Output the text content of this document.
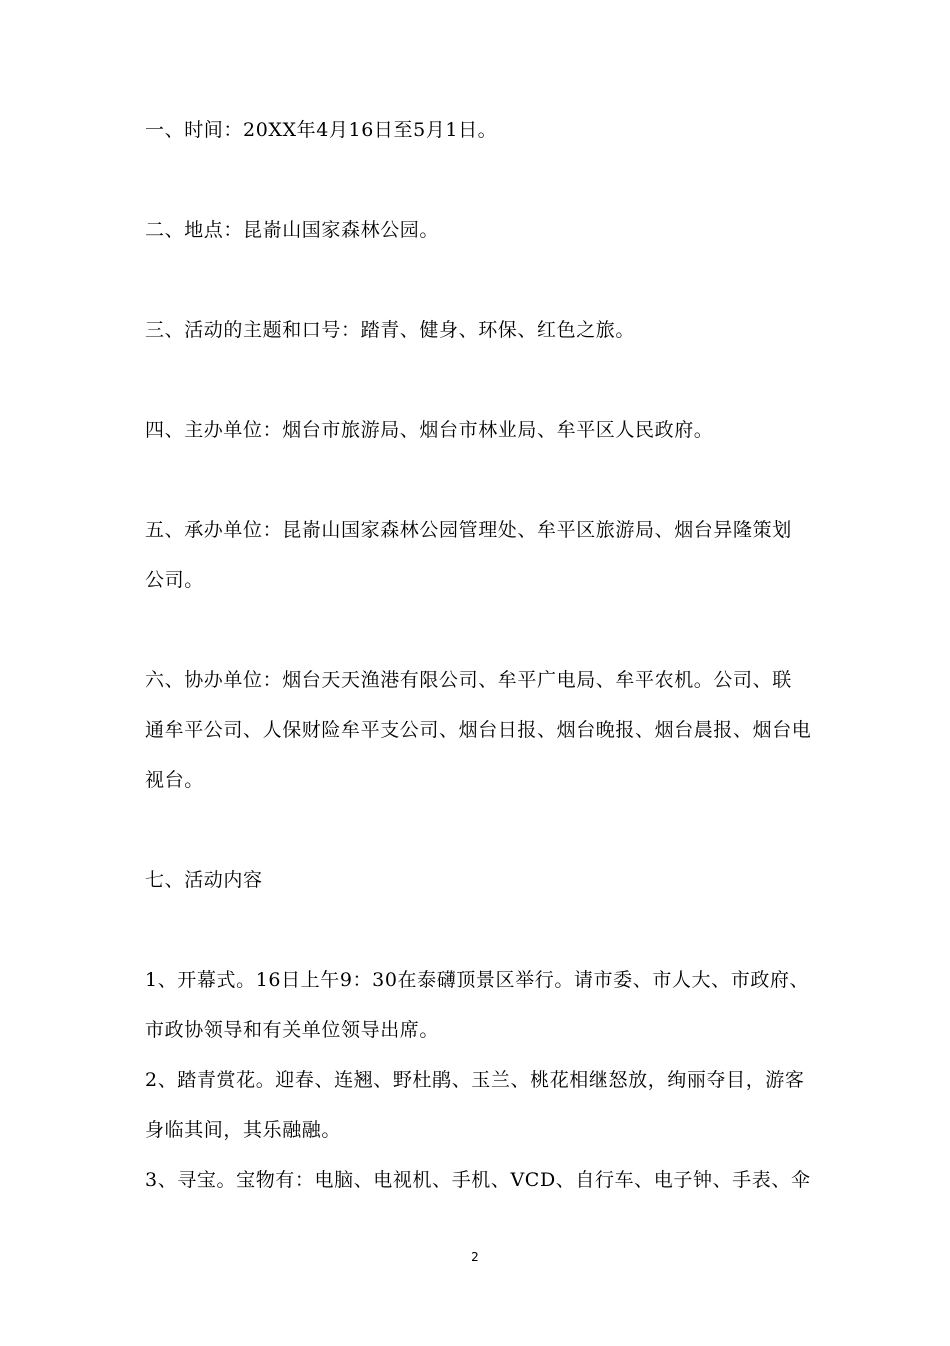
一、时间：20XX年4月16日至5月1日。
二、地点：昆嵛山国家森林公园。
三、活动的主题和口号：踏青、健身、环保、红色之旅。
四、主办单位：烟台市旅游局、烟台市林业局、牟平区人民政府。
五、承办单位：昆嵛山国家森林公园管理处、牟平区旅游局、烟台异隆策划
公司。
六、协办单位：烟台天天渔港有限公司、牟平广电局、牟平农机。公司、联
通牟平公司、人保财险牟平支公司、烟台日报、烟台晚报、烟台晨报、烟台电
视台。
七、活动内容
1、开幕式。16日上午9：30在泰礴顶景区举行。请市委、市人大、市政府、
市政协领导和有关单位领导出席。
2、踏青赏花。迎春、连翘、野杜鹃、玉兰、桃花相继怒放，绚丽夺目，游客
身临其间，其乐融融。
3、寻宝。宝物有：电脑、电视机、手机、VCD、自行车、电子钟、手表、伞
2
